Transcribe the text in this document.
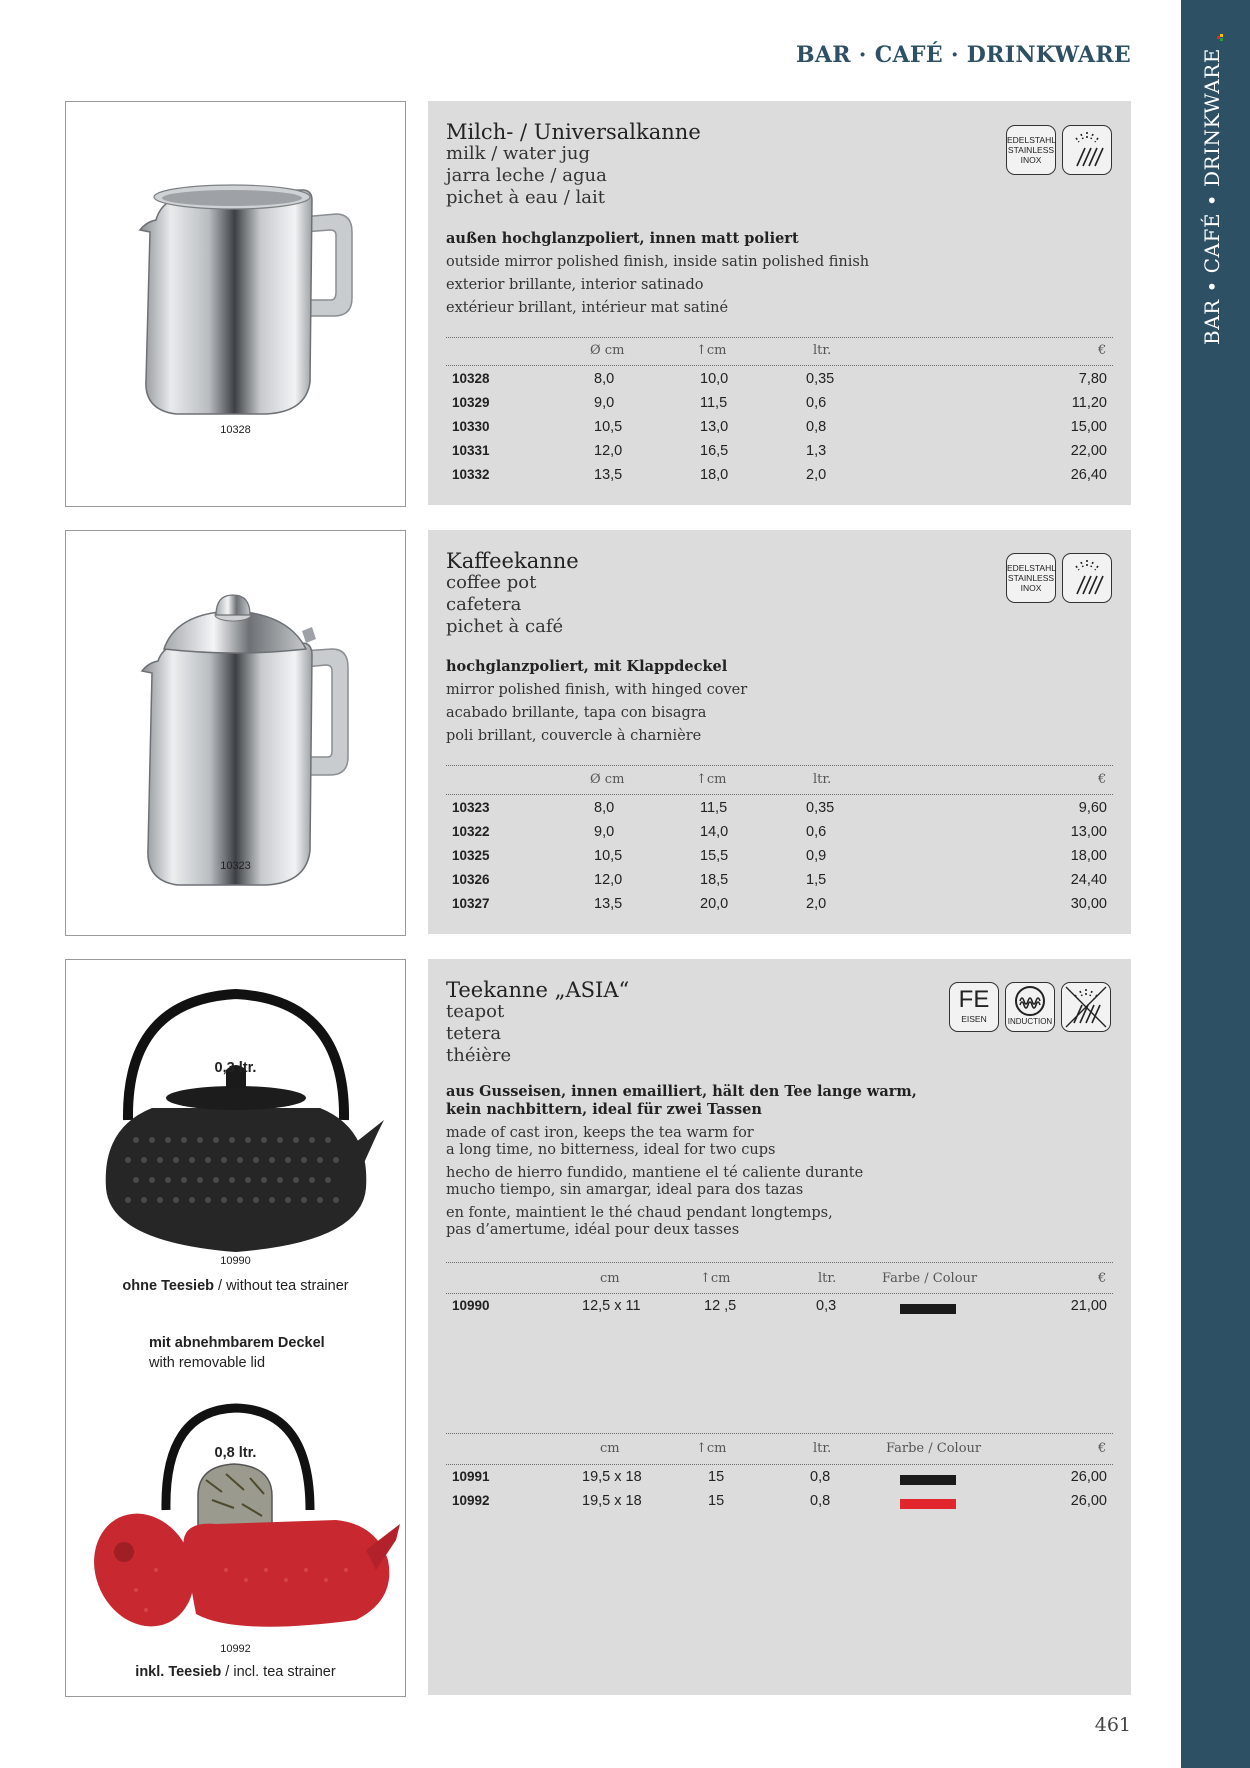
BAR • CAFÉ • DRINKWARE
BAR · CAFÉ · DRINKWARE
10328
Milch- / Universalkanne
milk / water jug
jarra leche / agua
pichet à eau / lait
EDELSTAHL
STAINLESS
INOX
außen hochglanzpoliert, innen matt poliert
outside mirror polished finish, inside satin polished finish
exterior brillante, interior satinado
extérieur brillant, intérieur mat satiné
Ø cm	↑cm	ltr.	€
10328	8,0	10,0	0,35	7,80
10329	9,0	11,5	0,6	11,20
10330	10,5	13,0	0,8	15,00
10331	12,0	16,5	1,3	22,00
10332	13,5	18,0	2,0	26,40
10323
Kaffeekanne
coffee pot
cafetera
pichet à café
EDELSTAHL
STAINLESS
INOX
hochglanzpoliert, mit Klappdeckel
mirror polished finish, with hinged cover
acabado brillante, tapa con bisagra
poli brillant, couvercle à charnière
Ø cm	↑cm	ltr.	€
10323	8,0	11,5	0,35	9,60
10322	9,0	14,0	0,6	13,00
10325	10,5	15,5	0,9	18,00
10326	12,0	18,5	1,5	24,40
10327	13,5	20,0	2,0	30,00
0,3 ltr.
10990
ohne Teesieb / without tea strainer
mit abnehmbarem Deckel
with removable lid
0,8 ltr.
10992
inkl. Teesieb / incl. tea strainer
Teekanne „ASIA“
teapot
tetera
théière
FE
EISEN	INDUCTION
aus Gusseisen, innen emailliert, hält den Tee lange warm,
kein nachbittern, ideal für zwei Tassen
made of cast iron, keeps the tea warm for
a long time, no bitterness, ideal for two cups
hecho de hierro fundido, mantiene el té caliente durante
mucho tiempo, sin amargar, ideal para dos tazas
en fonte, maintient le thé chaud pendant longtemps,
pas d’amertume, idéal pour deux tasses
cm	↑cm	ltr.	Farbe / Colour	€
10990	12,5 x 11	12 ,5	0,3	21,00
cm	↑cm	ltr.	Farbe / Colour	€
10991	19,5 x 18	15	0,8	26,00
10992	19,5 x 18	15	0,8	26,00
461
